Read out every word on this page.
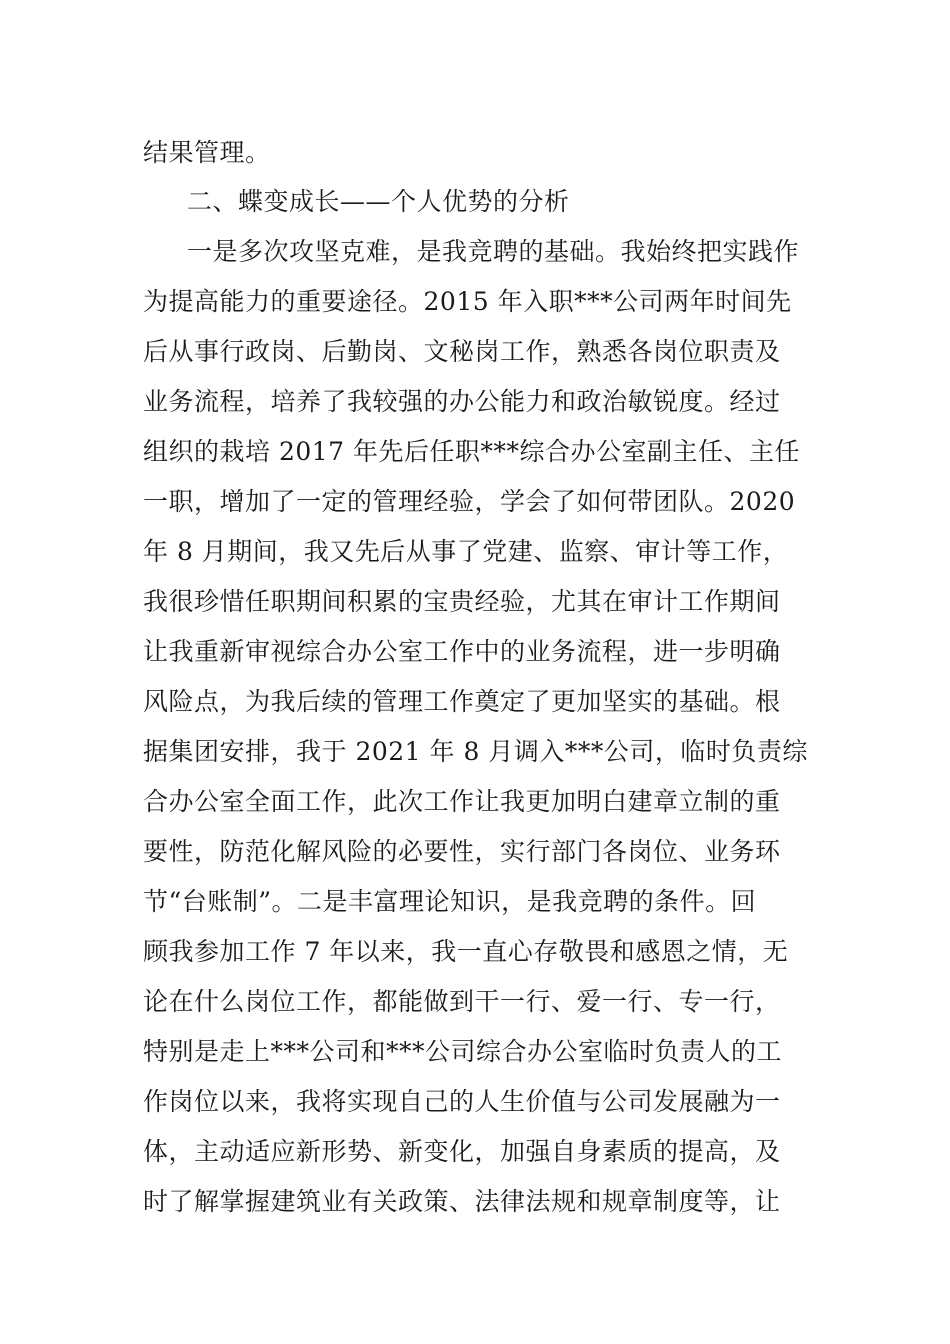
结果管理。
二、蝶变成长——个人优势的分析
一是多次攻坚克难，是我竞聘的基础。我始终把实践作
为提高能力的重要途径。2015 年入职***公司两年时间先
后从事行政岗、后勤岗、文秘岗工作，熟悉各岗位职责及
业务流程，培养了我较强的办公能力和政治敏锐度。经过
组织的栽培 2017 年先后任职***综合办公室副主任、主任
一职，增加了一定的管理经验，学会了如何带团队。2020
年 8 月期间，我又先后从事了党建、监察、审计等工作，
我很珍惜任职期间积累的宝贵经验，尤其在审计工作期间
让我重新审视综合办公室工作中的业务流程，进一步明确
风险点，为我后续的管理工作奠定了更加坚实的基础。根
据集团安排，我于 2021 年 8 月调入***公司，临时负责综
合办公室全面工作，此次工作让我更加明白建章立制的重
要性，防范化解风险的必要性，实行部门各岗位、业务环
节“台账制”。二是丰富理论知识，是我竞聘的条件。回
顾我参加工作 7 年以来，我一直心存敬畏和感恩之情，无
论在什么岗位工作，都能做到干一行、爱一行、专一行，
特别是走上***公司和***公司综合办公室临时负责人的工
作岗位以来，我将实现自己的人生价值与公司发展融为一
体，主动适应新形势、新变化，加强自身素质的提高，及
时了解掌握建筑业有关政策、法律法规和规章制度等，让
